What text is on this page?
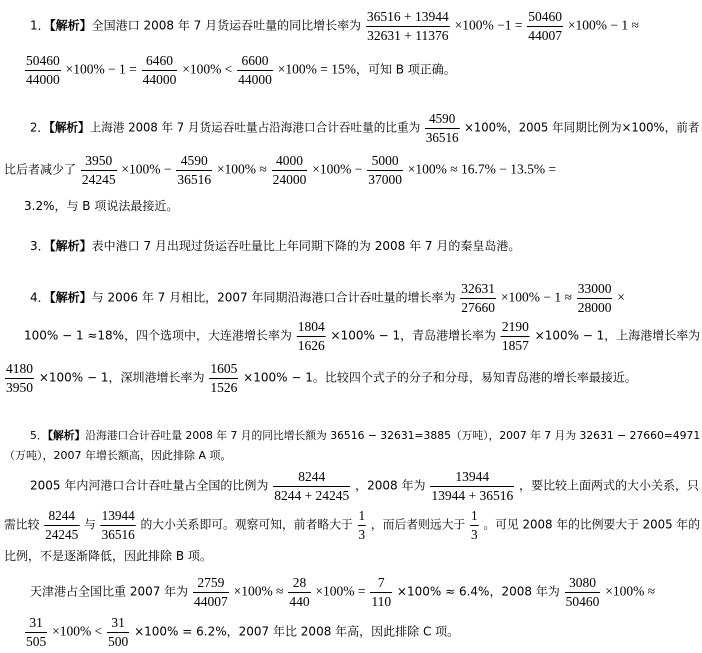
1．【解析】全国港口 2008 年 7 月货运吞吐量的同比增长率为 $\frac{36516 + 13944}{32631 + 11376} \times 100\% -1 = \frac{50460}{44007} \times 100\% - 1$ ≈
$\frac{50460}{44000} \times 100\% - 1 = \frac{6460}{44000} \times 100\% < \frac{6600}{44000} \times 100\% = 15\%$，可知 B 项正确。
2．【解析】上海港 2008 年 7 月货运吞吐量占沿海港口合计吞吐量的比重为 $\frac{4590}{36516} \times 100\%$，2005 年同期比例为×100%，前者
比后者减少了 $\frac{3950}{24245} \times 100\% - \frac{4590}{36516} \times 100\% \approx \frac{4000}{24000} \times 100\% - \frac{5000}{37000} \times 100\% \approx 16.7\% - 13.5\%$ =
3.2%，与 B 项说法最接近。
3．【解析】表中港口 7 月出现过货运吞吐量比上年同期下降的为 2008 年 7 月的秦皇岛港。
4．【解析】与 2006 年 7 月相比，2007 年同期沿海港口合计吞吐量的增长率为 $\frac{32631}{27660} \times 100\% - 1 \approx \frac{33000}{28000}$ ×
100% − 1 ≈18%，四个选项中，大连港增长率为 $\frac{1804}{1626} \times 100\% - 1$，青岛港增长率为 $\frac{2190}{1857} \times 100\% - 1$，上海港增长率为
$\frac{4180}{3950} \times 100\% - 1$，深圳港增长率为 $\frac{1605}{1526} \times 100\% - 1$。比较四个式子的分子和分母，易知青岛港的增长率最接近。
5．【解析】沿海港口合计吞吐量 2008 年 7 月的同比增长额为 36516 − 32631=3885（万吨），2007 年 7 月为 32631 − 27660=4971
（万吨），2007 年增长额高，因此排除 A 项。
2005 年内河港口合计吞吐量占全国的比例为 $\frac{8244}{8244 + 24245}$ ，2008 年为 $\frac{13944}{13944 + 36516}$ ，要比较上面两式的大小关系，只
需比较 $\frac{8244}{24245}$ 与 $\frac{13944}{36516}$ 的大小关系即可。观察可知，前者略大于 $\frac{1}{3}$ ，而后者则远大于 $\frac{1}{3}$ 。可见 2008 年的比例要大于 2005 年的
比例，不是逐渐降低，因此排除 B 项。
天津港占全国比重 2007 年为 $\frac{2759}{44007} \times 100\% \approx \frac{28}{440} \times 100\% = \frac{7}{110} \times 100\% \approx 6.4\%$，2008 年为 $\frac{3080}{50460} \times 100\%$ ≈
$\frac{31}{505} \times 100\% < \frac{31}{500} \times 100\% = 6.2\%$，2007 年比 2008 年高，因此排除 C 项。
